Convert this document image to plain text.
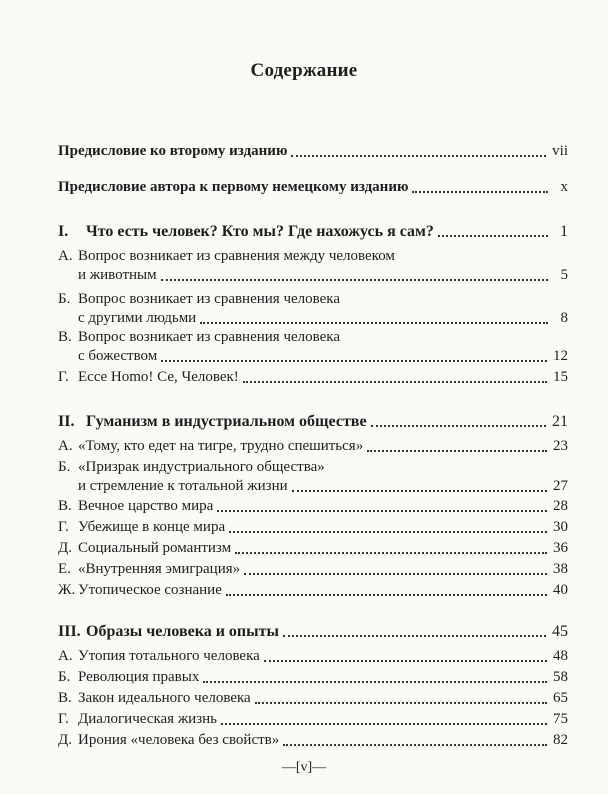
Содержание
Предисловие ко второму изданию	vii
Предисловие автора к первому немецкому изданию	x
I.	Что есть человек? Кто мы? Где нахожусь я сам?	1
А. Вопрос возникает из сравнения между человеком
и животным	5
Б. Вопрос возникает из сравнения человека
с другими людьми	8
В. Вопрос возникает из сравнения человека
с божеством	12
Г. Ecce Homo! Се, Человек!	15
II. Гуманизм в индустриальном обществе	21
А. «Тому, кто едет на тигре, трудно спешиться»	23
Б. «Призрак индустриального общества»
и стремление к тотальной жизни	27
В. Вечное царство мира	28
Г. Убежище в конце мира	30
Д. Социальный романтизм	36
Е. «Внутренняя эмиграция»	38
Ж. Утопическое сознание	40
III. Образы человека и опыты	45
А. Утопия тотального человека	48
Б. Революция правых	58
В. Закон идеального человека	65
Г. Диалогическая жизнь	75
Д. Ирония «человека без свойств»	82
—[v]—
